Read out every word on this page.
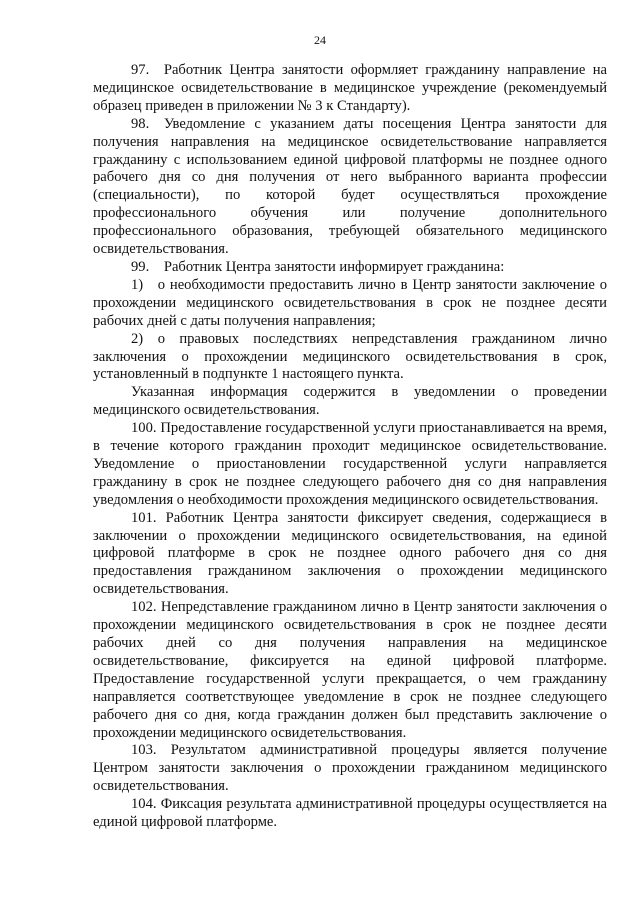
24

97. Работник Центра занятости оформляет гражданину направление на медицинское освидетельствование в медицинское учреждение (рекомендуемый образец приведен в приложении № 3 к Стандарту).

98. Уведомление с указанием даты посещения Центра занятости для получения направления на медицинское освидетельствование направляется гражданину с использованием единой цифровой платформы не позднее одного рабочего дня со дня получения от него выбранного варианта профессии (специальности), по которой будет осуществляться прохождение профессионального обучения или получение дополнительного профессионального образования, требующей обязательного медицинского освидетельствования.

99. Работник Центра занятости информирует гражданина:

1) о необходимости предоставить лично в Центр занятости заключение о прохождении медицинского освидетельствования в срок не позднее десяти рабочих дней с даты получения направления;

2) о правовых последствиях непредставления гражданином лично заключения о прохождении медицинского освидетельствования в срок, установленный в подпункте 1 настоящего пункта.

Указанная информация содержится в уведомлении о проведении медицинского освидетельствования.

100. Предоставление государственной услуги приостанавливается на время, в течение которого гражданин проходит медицинское освидетельствование. Уведомление о приостановлении государственной услуги направляется гражданину в срок не позднее следующего рабочего дня со дня направления уведомления о необходимости прохождения медицинского освидетельствования.

101. Работник Центра занятости фиксирует сведения, содержащиеся в заключении о прохождении медицинского освидетельствования, на единой цифровой платформе в срок не позднее одного рабочего дня со дня предоставления гражданином заключения о прохождении медицинского освидетельствования.

102. Непредставление гражданином лично в Центр занятости заключения о прохождении медицинского освидетельствования в срок не позднее десяти рабочих дней со дня получения направления на медицинское освидетельствование, фиксируется на единой цифровой платформе. Предоставление государственной услуги прекращается, о чем гражданину направляется соответствующее уведомление в срок не позднее следующего рабочего дня со дня, когда гражданин должен был представить заключение о прохождении медицинского освидетельствования.

103. Результатом административной процедуры является получение Центром занятости заключения о прохождении гражданином медицинского освидетельствования.

104. Фиксация результата административной процедуры осуществляется на единой цифровой платформе.
